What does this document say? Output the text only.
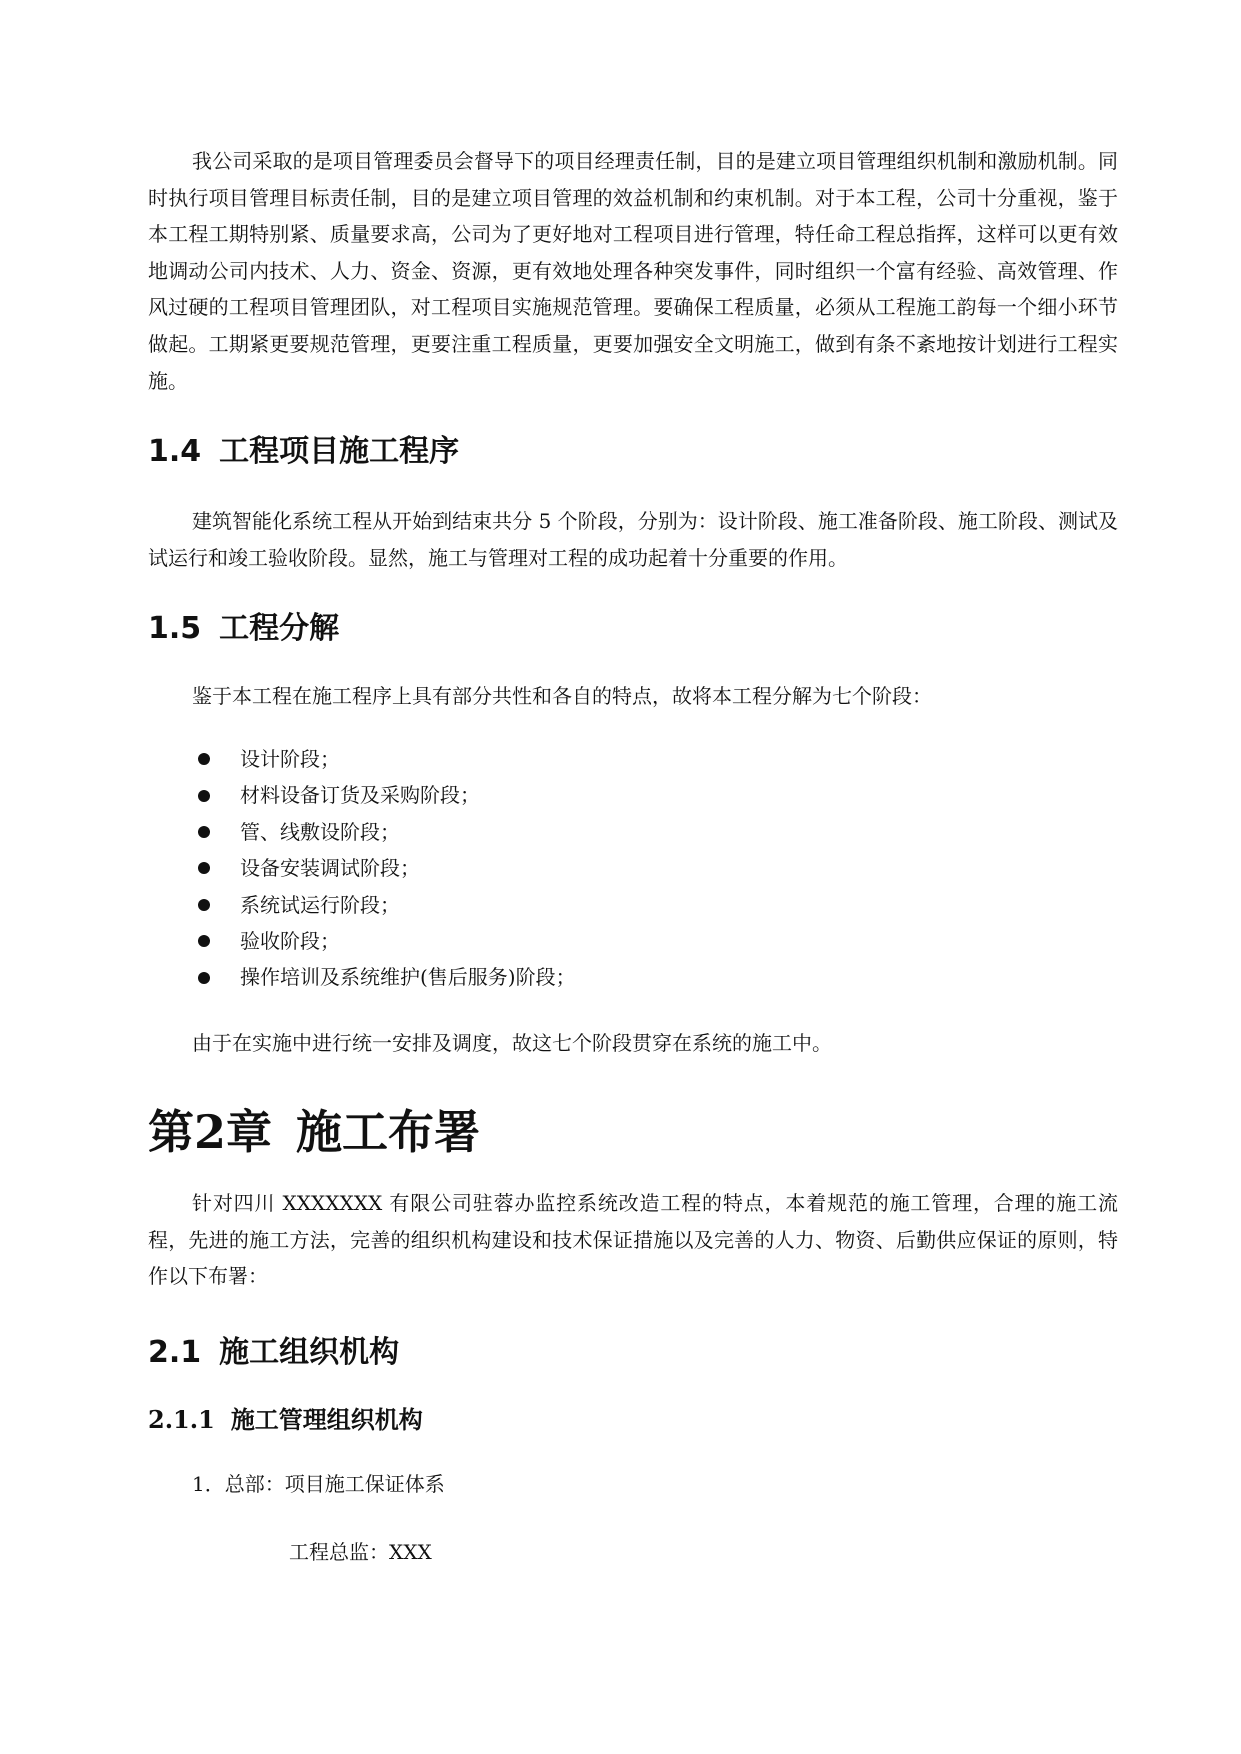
我公司采取的是项目管理委员会督导下的项目经理责任制，目的是建立项目管理组织机制和激励机制。同时执行项目管理目标责任制，目的是建立项目管理的效益机制和约束机制。对于本工程，公司十分重视，鉴于本工程工期特别紧、质量要求高，公司为了更好地对工程项目进行管理，特任命工程总指挥，这样可以更有效地调动公司内技术、人力、资金、资源，更有效地处理各种突发事件，同时组织一个富有经验、高效管理、作风过硬的工程项目管理团队，对工程项目实施规范管理。要确保工程质量，必须从工程施工韵每一个细小环节做起。工期紧更要规范管理，更要注重工程质量，更要加强安全文明施工，做到有条不紊地按计划进行工程实施。

1.4 工程项目施工程序

建筑智能化系统工程从开始到结束共分 5 个阶段，分别为：设计阶段、施工准备阶段、施工阶段、测试及试运行和竣工验收阶段。显然，施工与管理对工程的成功起着十分重要的作用。

1.5 工程分解

鉴于本工程在施工程序上具有部分共性和各自的特点，故将本工程分解为七个阶段：

设计阶段；
材料设备订货及采购阶段；
管、线敷设阶段；
设备安装调试阶段；
系统试运行阶段；
验收阶段；
操作培训及系统维护(售后服务)阶段；

由于在实施中进行统一安排及调度，故这七个阶段贯穿在系统的施工中。

第2章 施工布署

针对四川 XXXXXXX 有限公司驻蓉办监控系统改造工程的特点，本着规范的施工管理，合理的施工流程，先进的施工方法，完善的组织机构建设和技术保证措施以及完善的人力、物资、后勤供应保证的原则，特作以下布署：

2.1 施工组织机构
2.1.1 施工管理组织机构

1．总部：项目施工保证体系

工程总监：XXX
